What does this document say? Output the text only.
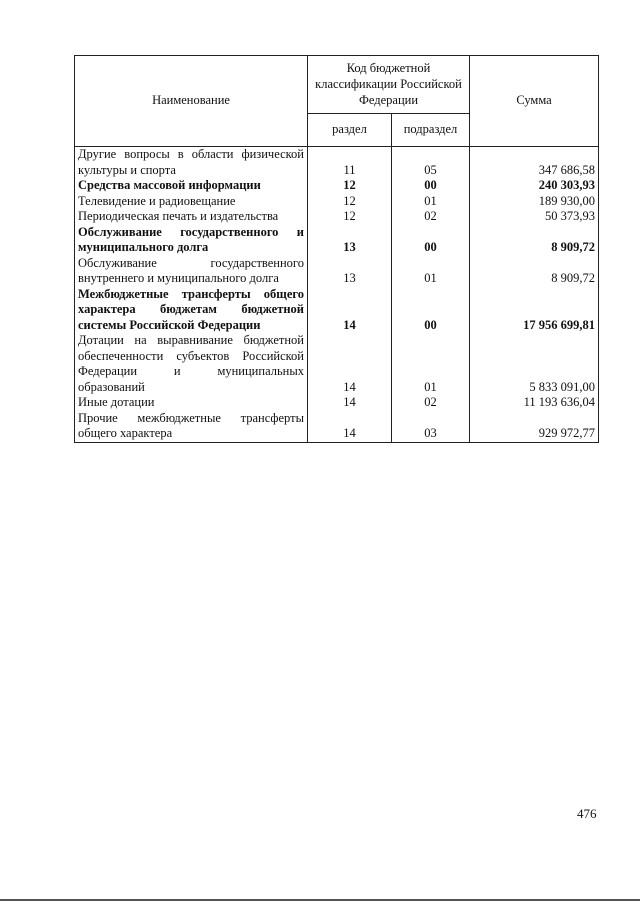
Наименование	Код бюджетной классификации Российской Федерации		Сумма
	раздел	подраздел	
Другие вопросы в области физической культуры и спорта	11	05	347 686,58
Средства массовой информации	12	00	240 303,93
Телевидение и радиовещание	12	01	189 930,00
Периодическая печать и издательства	12	02	50 373,93
Обслуживание государственного и муниципального долга	13	00	8 909,72
Обслуживание государственного внутреннего и муниципального долга	13	01	8 909,72
Межбюджетные трансферты общего характера бюджетам бюджетной системы Российской Федерации	14	00	17 956 699,81
Дотации на выравнивание бюджетной обеспеченности субъектов Российской Федерации и муниципальных образований	14	01	5 833 091,00
Иные дотации	14	02	11 193 636,04
Прочие межбюджетные трансферты общего характера	14	03	929 972,77
476
